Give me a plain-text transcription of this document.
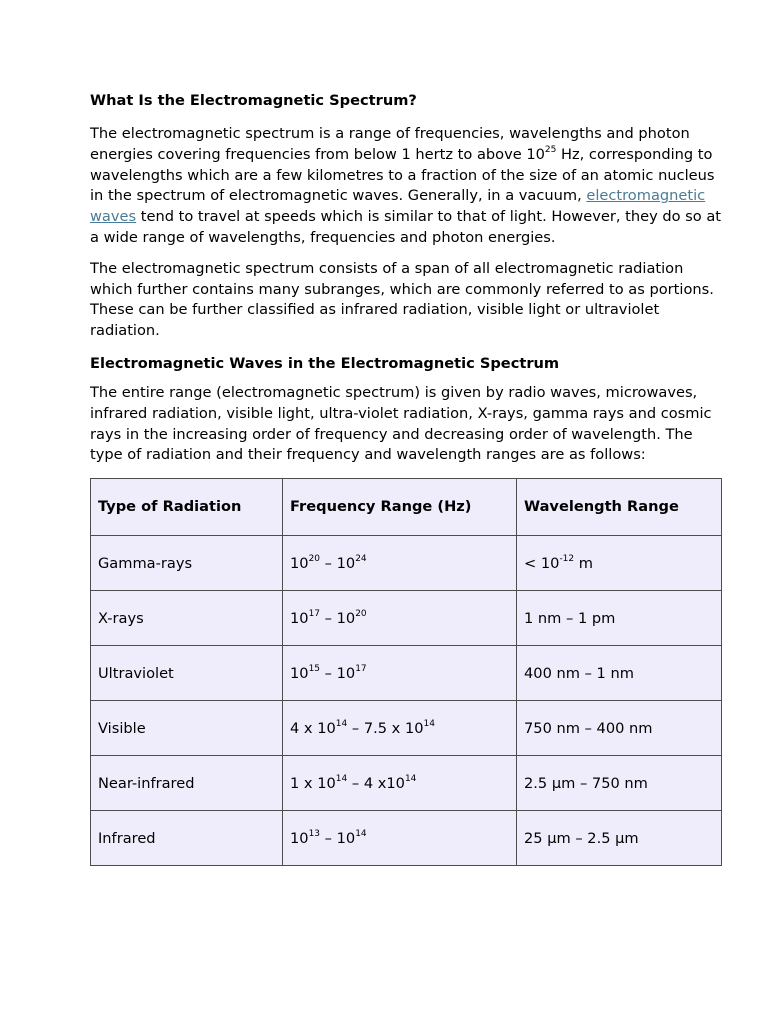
What Is the Electromagnetic Spectrum?

The electromagnetic spectrum is a range of frequencies, wavelengths and photon energies covering frequencies from below 1 hertz to above $10^{25}$ Hz, corresponding to wavelengths which are a few kilometres to a fraction of the size of an atomic nucleus in the spectrum of electromagnetic waves. Generally, in a vacuum, electromagnetic waves tend to travel at speeds which is similar to that of light. However, they do so at a wide range of wavelengths, frequencies and photon energies.

The electromagnetic spectrum consists of a span of all electromagnetic radiation which further contains many subranges, which are commonly referred to as portions. These can be further classified as infrared radiation, visible light or ultraviolet radiation.

Electromagnetic Waves in the Electromagnetic Spectrum

The entire range (electromagnetic spectrum) is given by radio waves, microwaves, infrared radiation, visible light, ultra-violet radiation, X-rays, gamma rays and cosmic rays in the increasing order of frequency and decreasing order of wavelength. The type of radiation and their frequency and wavelength ranges are as follows:

Type of Radiation	Frequency Range (Hz)	Wavelength Range
Gamma-rays	$10^{20} - 10^{24}$	< $10^{-12}$ m
X-rays	$10^{17} - 10^{20}$	1 nm – 1 pm
Ultraviolet	$10^{15} - 10^{17}$	400 nm – 1 nm
Visible	4 x $10^{14} - 7.5$ x $10^{14}$	750 nm – 400 nm
Near-infrared	1 x $10^{14} - 4$ $x10^{14}$	2.5 μm – 750 nm
Infrared	$10^{13} - 10^{14}$	25 μm – 2.5 μm
